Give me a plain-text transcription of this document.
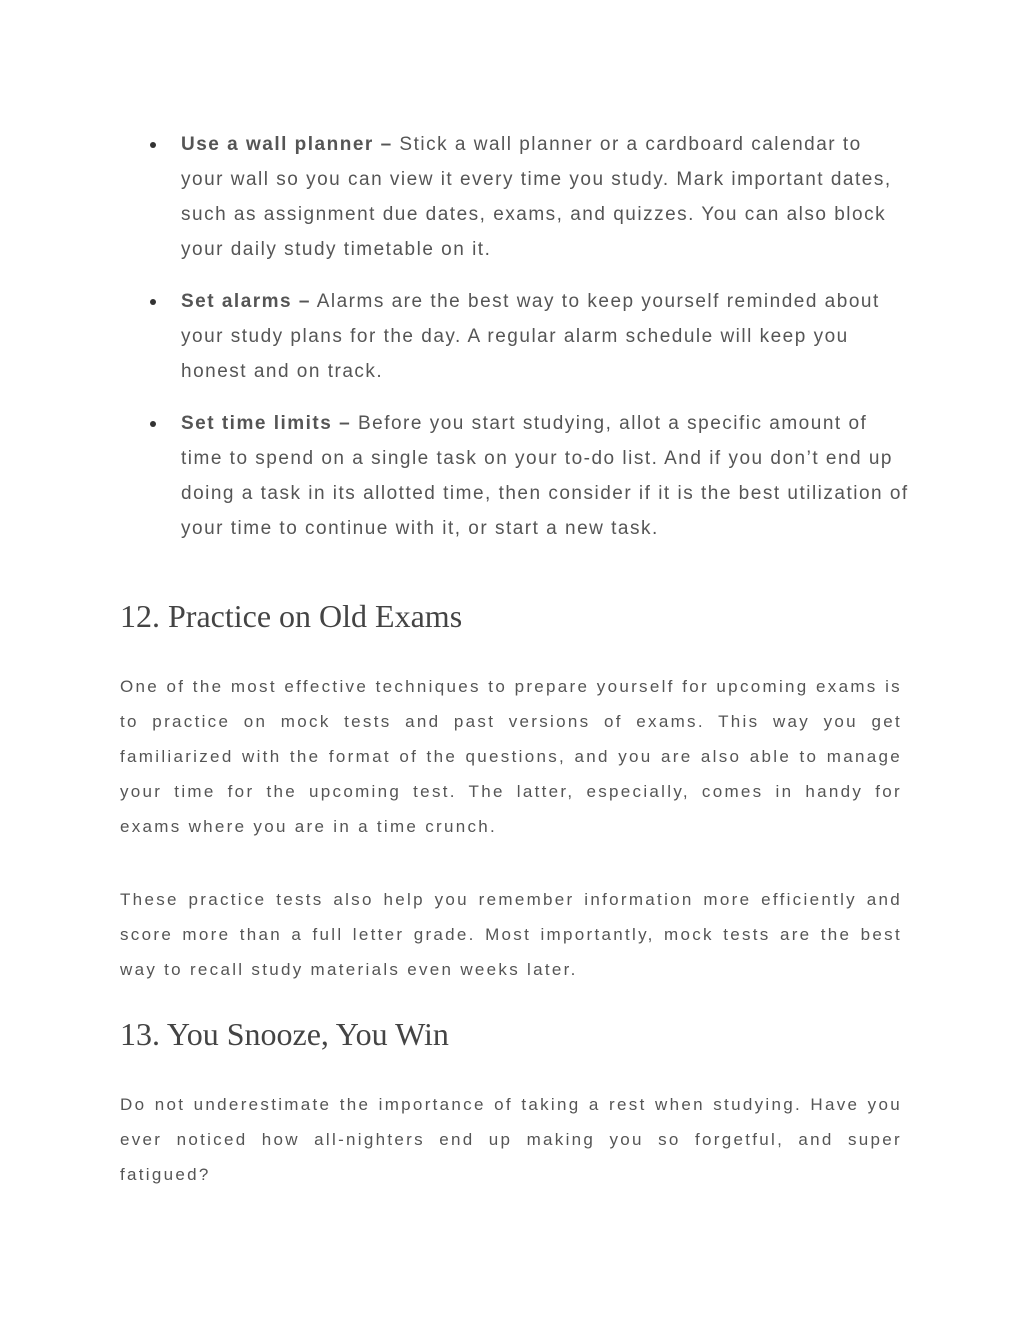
Use a wall planner – Stick a wall planner or a cardboard calendar to your wall so you can view it every time you study. Mark important dates, such as assignment due dates, exams, and quizzes. You can also block your daily study timetable on it.
Set alarms – Alarms are the best way to keep yourself reminded about your study plans for the day. A regular alarm schedule will keep you honest and on track.
Set time limits – Before you start studying, allot a specific amount of time to spend on a single task on your to-do list. And if you don’t end up doing a task in its allotted time, then consider if it is the best utilization of your time to continue with it, or start a new task.
12. Practice on Old Exams

One of the most effective techniques to prepare yourself for upcoming exams is to practice on mock tests and past versions of exams. This way you get familiarized with the format of the questions, and you are also able to manage your time for the upcoming test. The latter, especially, comes in handy for exams where you are in a time crunch.

These practice tests also help you remember information more efficiently and score more than a full letter grade. Most importantly, mock tests are the best way to recall study materials even weeks later.

13. You Snooze, You Win

Do not underestimate the importance of taking a rest when studying. Have you ever noticed how all-nighters end up making you so forgetful, and super fatigued?
